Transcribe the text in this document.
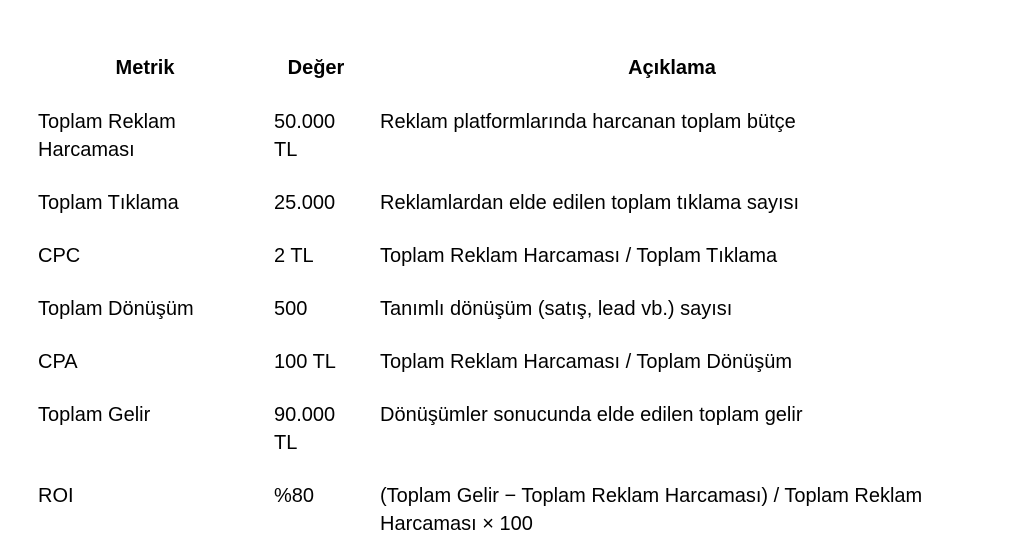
Metrik	Değer	Açıklama
Toplam Reklam Harcaması	50.000 TL	Reklam platformlarında harcanan toplam bütçe
Toplam Tıklama	25.000	Reklamlardan elde edilen toplam tıklama sayısı
CPC	2 TL	Toplam Reklam Harcaması / Toplam Tıklama
Toplam Dönüşüm	500	Tanımlı dönüşüm (satış, lead vb.) sayısı
CPA	100 TL	Toplam Reklam Harcaması / Toplam Dönüşüm
Toplam Gelir	90.000 TL	Dönüşümler sonucunda elde edilen toplam gelir
ROI	%80	(Toplam Gelir − Toplam Reklam Harcaması) / Toplam Reklam Harcaması × 100
